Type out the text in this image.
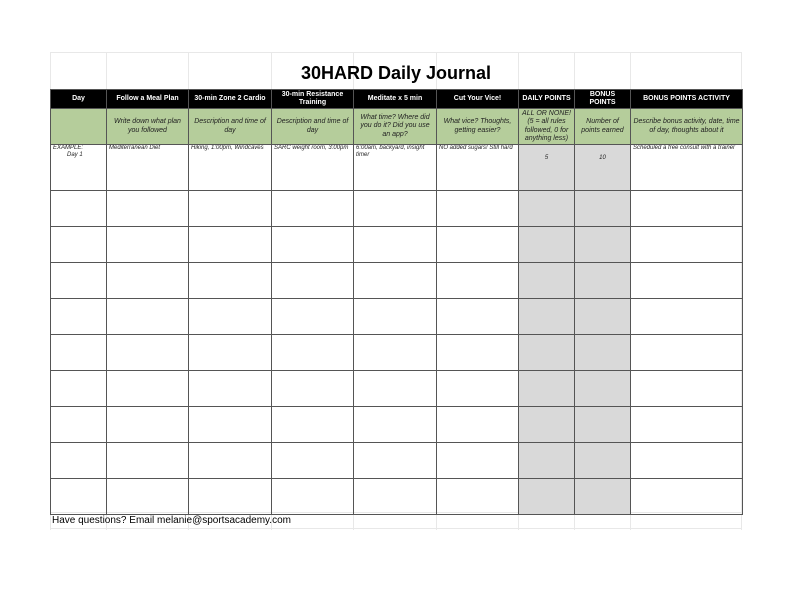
30HARD Daily Journal
Day	Follow a Meal Plan	30-min Zone 2 Cardio	30-min Resistance Training	Meditate x 5 min	Cut Your Vice!	DAILY POINTS	BONUS POINTS	BONUS POINTS ACTIVITY
	Write down what plan you followed	Description and time of day	Description and time of day	What time? Where did you do it? Did you use an app?	What vice? Thoughts, getting easier?	ALL OR NONE! (5 = all rules followed, 0 for anything less)	Number of points earned	Describe bonus activity, date, time of day, thoughts about it

EXAMPLE:
Day 1	Mediterranean Diet	Hiking, 1:00pm, Windcaves	SARC weight room, 3:00pm	6:00am, backyard, insight timer	NO added sugars! Still hard	5	10	Scheduled a free consult with a trainer

Have questions? Email melanie@sportsacademy.com
